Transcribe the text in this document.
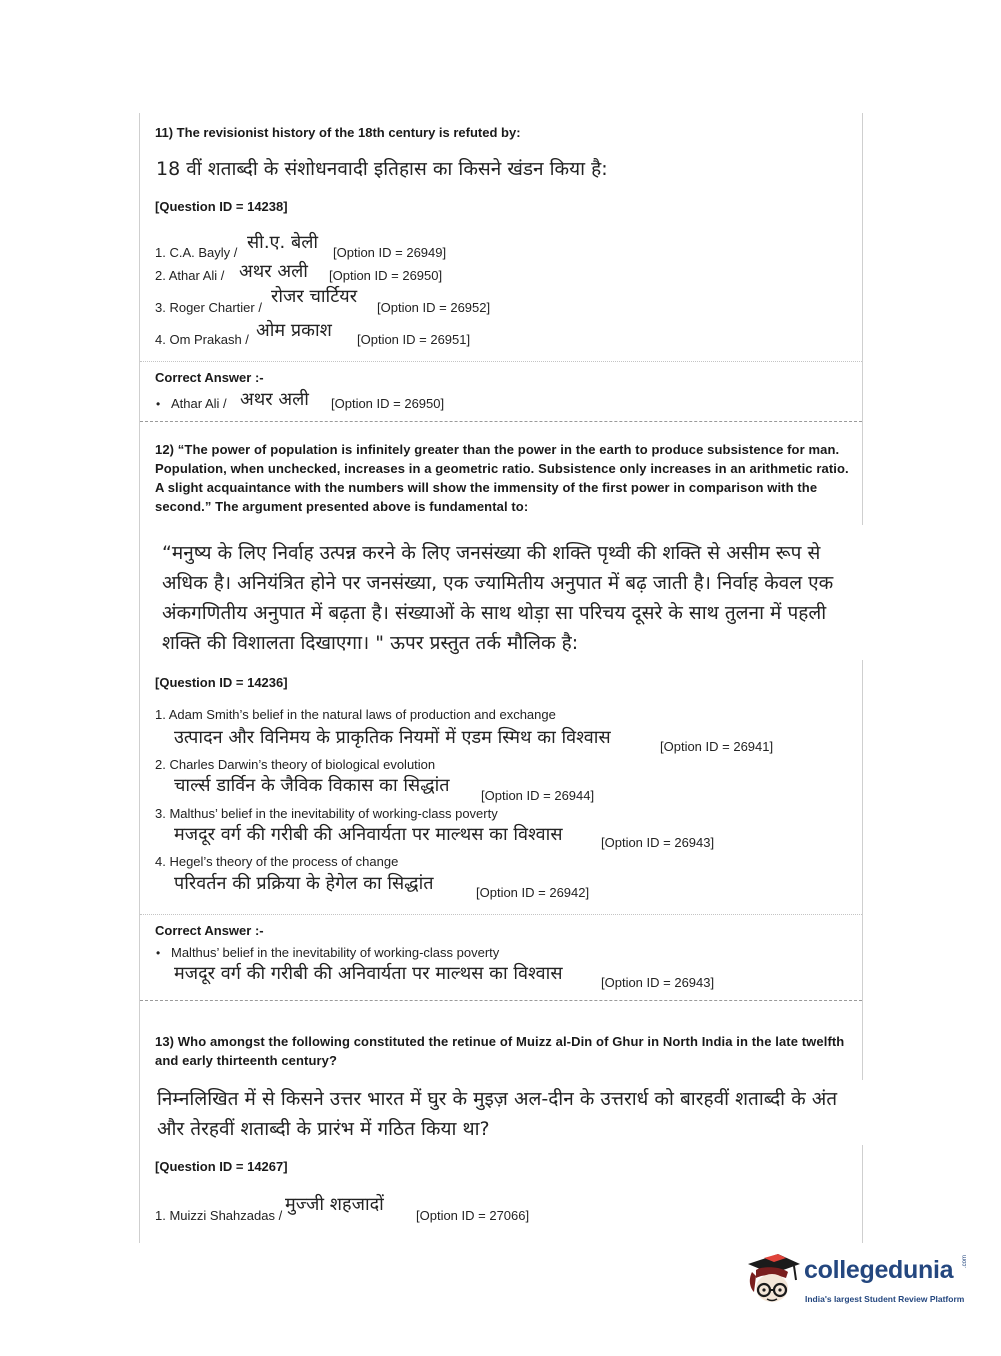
11) The revisionist history of the 18th century is refuted by:
18 वीं शताब्दी के संशोधनवादी इतिहास का किसने खंडन किया है:
[Question ID = 14238]
1. C.A. Bayly / सी.ए. बेली [Option ID = 26949]
2. Athar Ali / अथर अली [Option ID = 26950]
3. Roger Chartier /
रोजर चार्टियर
[Option ID = 26952]
4. Om Prakash / ओम प्रकाश [Option ID = 26951]
Correct Answer :-
• Athar Ali / अथर अली [Option ID = 26950]
12) “The power of population is infinitely greater than the power in the earth to produce subsistence for man. Population, when unchecked, increases in a geometric ratio. Subsistence only increases in an arithmetic ratio. A slight acquaintance with the numbers will show the immensity of the first power in comparison with the second.” The argument presented above is fundamental to:
“मनुष्य के लिए निर्वाह उत्पन्न करने के लिए जनसंख्या की शक्ति पृथ्वी की शक्ति से असीम रूप से
अधिक है। अनियंत्रित होने पर जनसंख्या, एक ज्यामितीय अनुपात में बढ़ जाती है। निर्वाह केवल एक
अंकगणितीय अनुपात में बढ़ता है। संख्याओं के साथ थोड़ा सा परिचय दूसरे के साथ तुलना में पहली
शक्ति की विशालता दिखाएगा। " ऊपर प्रस्तुत तर्क मौलिक है:
[Question ID = 14236]
1. Adam Smith’s belief in the natural laws of production and exchange
उत्पादन और विनिमय के प्राकृतिक नियमों में एडम स्मिथ का विश्वास	[Option ID = 26941]
2. Charles Darwin’s theory of biological evolution
चार्ल्स डार्विन के जैविक विकास का सिद्धांत [Option ID = 26944]
3. Malthus’ belief in the inevitability of working-class poverty
मजदूर वर्ग की गरीबी की अनिवार्यता पर माल्थस का विश्वास	[Option ID = 26943]
4. Hegel’s theory of the process of change
परिवर्तन की प्रक्रिया के हेगेल का सिद्धांत	[Option ID = 26942]
Correct Answer :-
• Malthus’ belief in the inevitability of working-class poverty
मजदूर वर्ग की गरीबी की अनिवार्यता पर माल्थस का विश्वास	[Option ID = 26943]
13) Who amongst the following constituted the retinue of Muizz al-Din of Ghur in North India in the late twelfth and early thirteenth century?
निम्नलिखित में से किसने उत्तर भारत में घुर के मुइज़ अल-दीन के उत्तरार्ध को बारहवीं शताब्दी के अंत
और तेरहवीं शताब्दी के प्रारंभ में गठित किया था?
[Question ID = 14267]
1. Muizzi Shahzadas /
मुज्जी शहजादों
[Option ID = 27066]
collegedunia .com
India's largest Student Review Platform
